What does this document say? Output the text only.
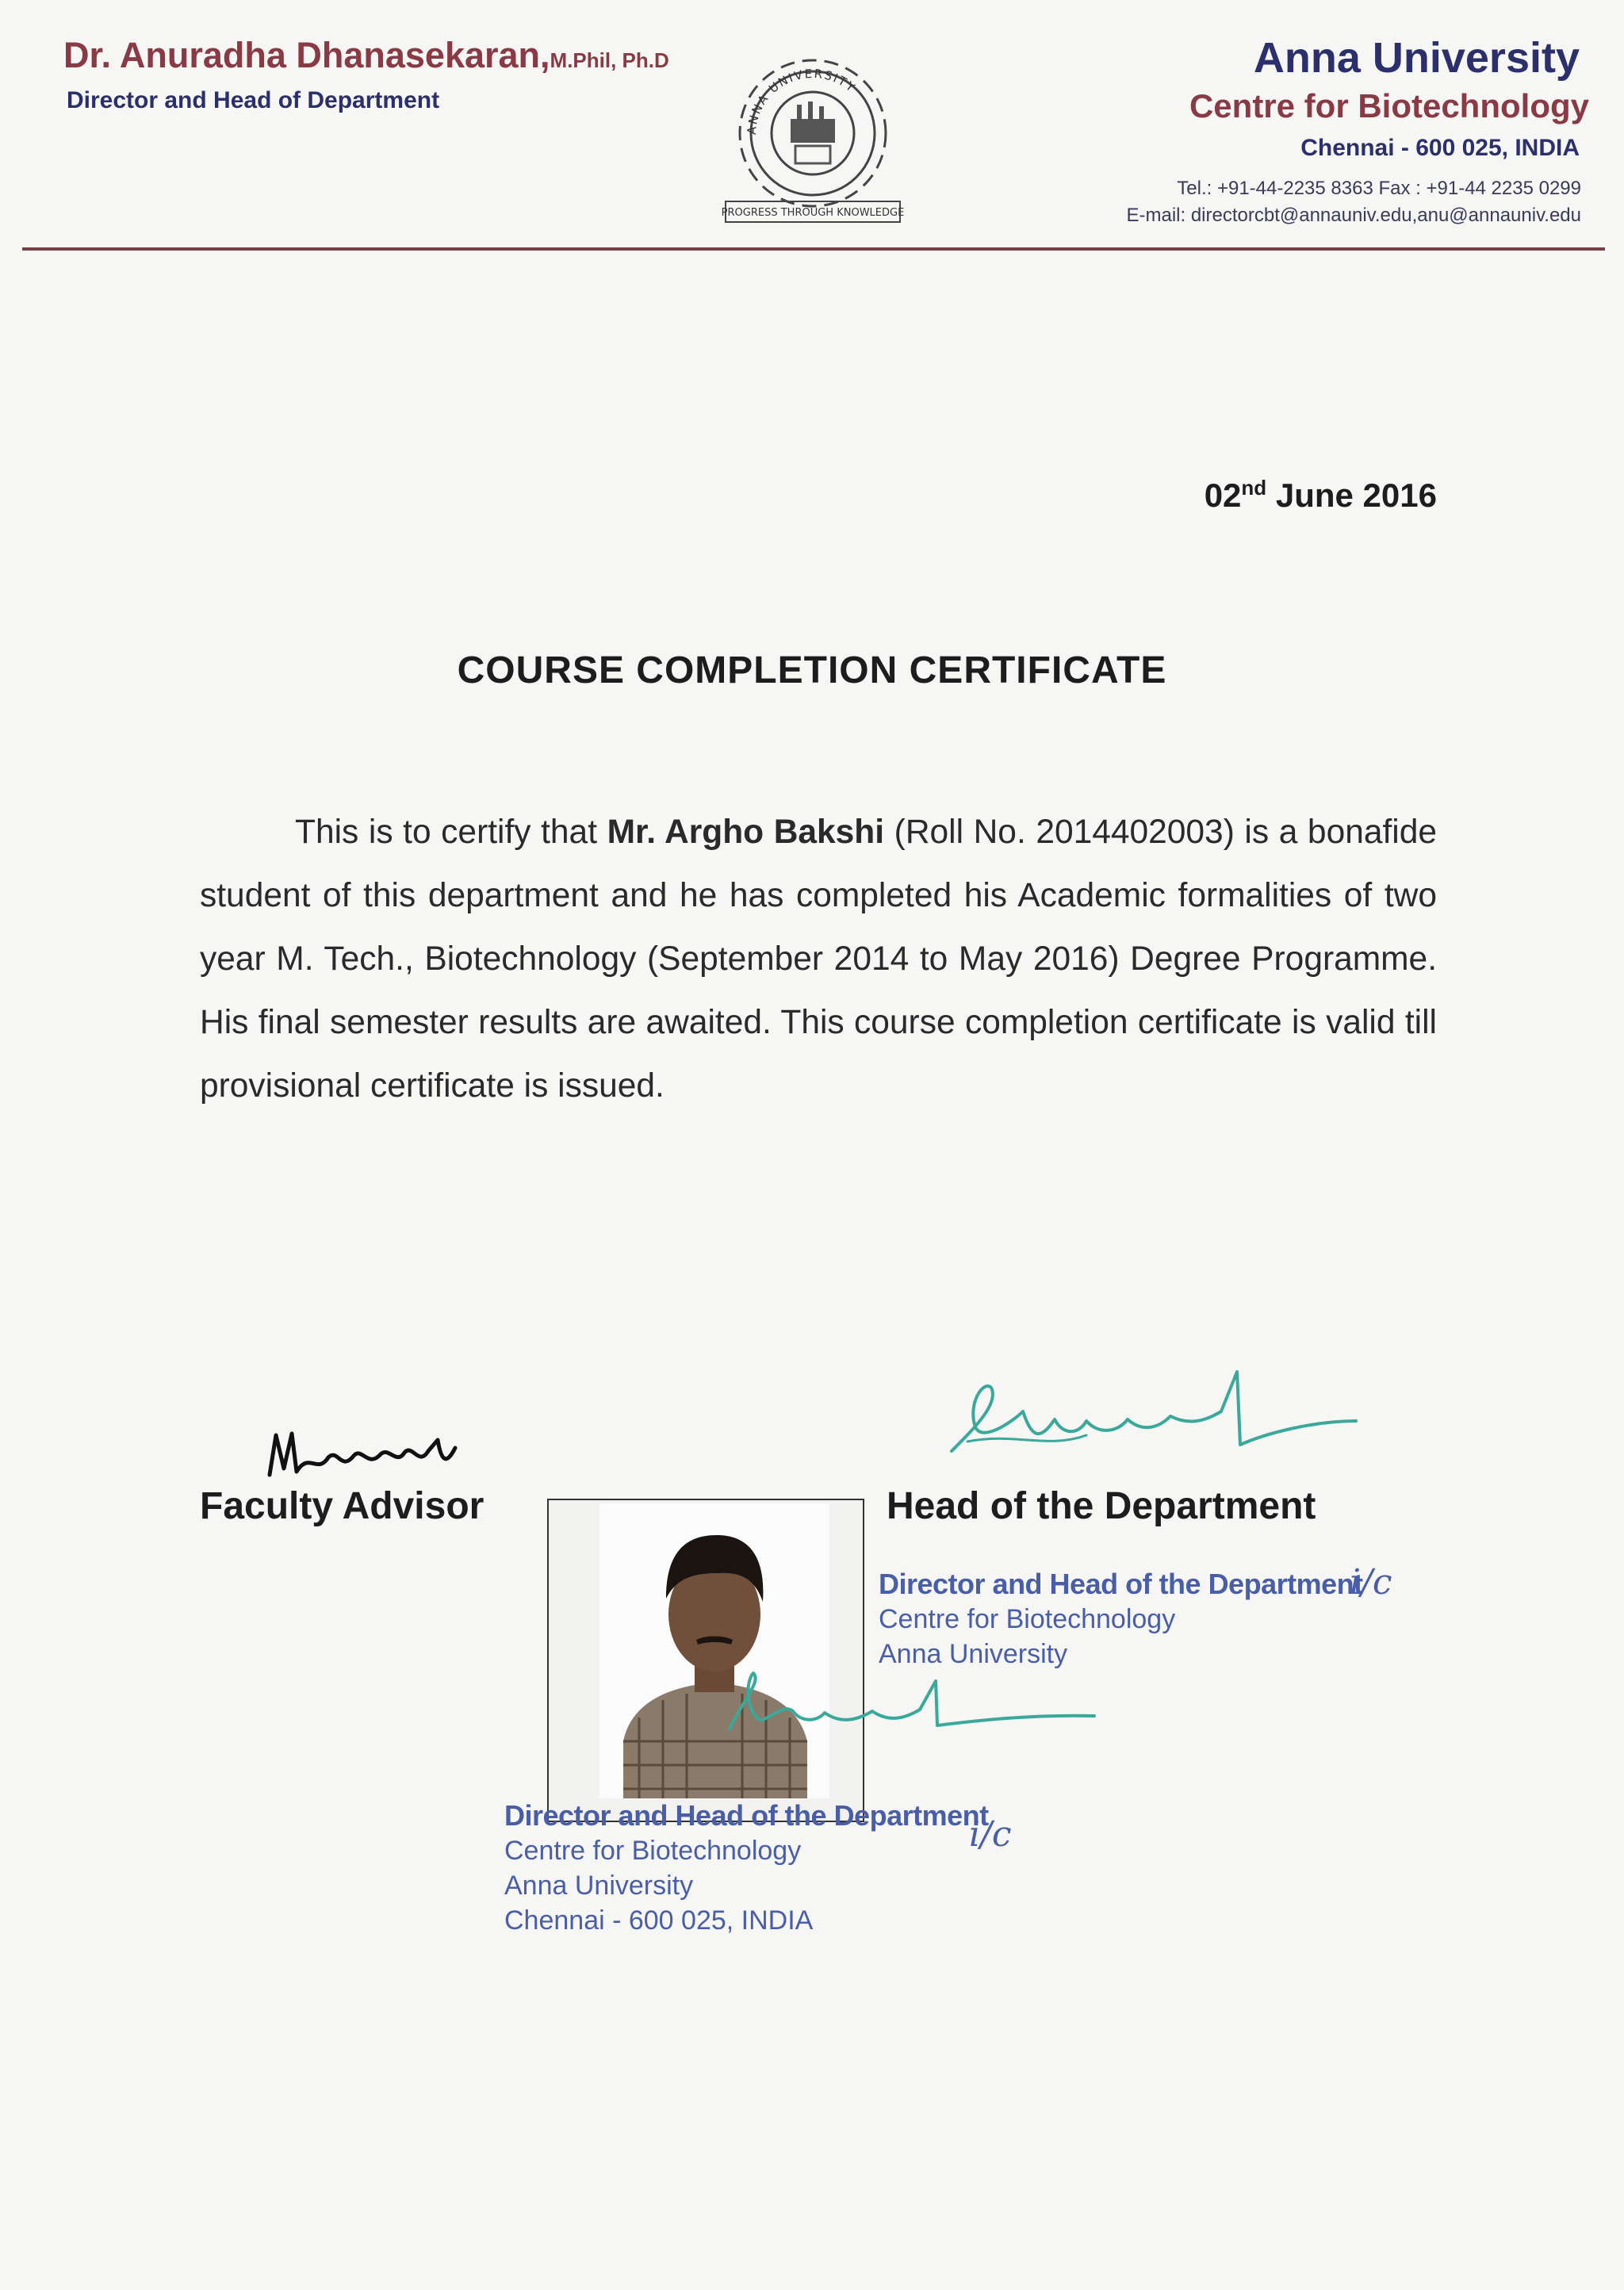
Dr. Anuradha Dhanasekaran,M.Phil, Ph.D
Director and Head of Department
ANNA UNIVERSITY
PROGRESS THROUGH KNOWLEDGE
Anna University
Centre for Biotechnology
Chennai - 600 025, INDIA
Tel.: +91-44-2235 8363 Fax : +91-44 2235 0299
E-mail: directorcbt@annauniv.edu,anu@annauniv.edu
02nd June 2016
COURSE COMPLETION CERTIFICATE
This is to certify that Mr. Argho Bakshi (Roll No. 2014402003) is a bonafide student of this department and he has completed his Academic formalities of two year M. Tech., Biotechnology (September 2014 to May 2016) Degree Programme. His final semester results are awaited. This course completion certificate is valid till provisional certificate is issued.
Faculty Advisor	Head of the Department
Director and Head of the Department
Centre for Biotechnology
Anna University
i/c
Director and Head of the Department
Centre for Biotechnology
Anna University
Chennai - 600 025, INDIA
i/c
